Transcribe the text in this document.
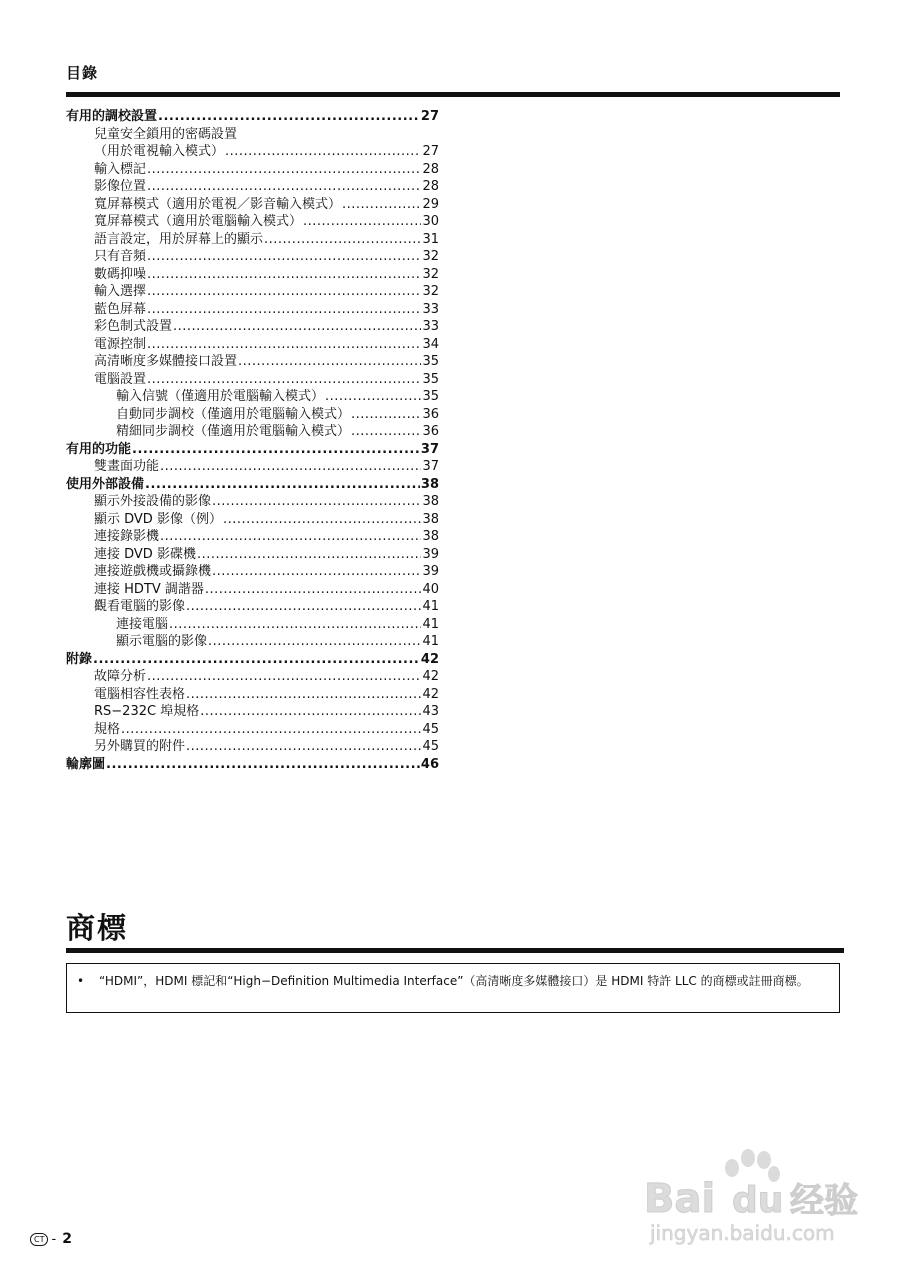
目錄
有用的調校設置 .....	27
兒童安全鎖用的密碼設置
（用於電視輸入模式） .....	27
輸入標記 .....	28
影像位置 .....	28
寬屏幕模式（適用於電視／影音輸入模式） .....	29
寬屏幕模式（適用於電腦輸入模式） .....	30
語言設定，用於屏幕上的顯示 .....	31
只有音頻 .....	32
數碼抑噪 .....	32
輸入選擇 .....	32
藍色屏幕 .....	33
彩色制式設置 .....	33
電源控制 .....	34
高清晰度多媒體接口設置 .....	35
電腦設置 .....	35
輸入信號（僅適用於電腦輸入模式） .....	35
自動同步調校（僅適用於電腦輸入模式） .....	36
精細同步調校（僅適用於電腦輸入模式） .....	36
有用的功能 .....	37
雙畫面功能 .....	37
使用外部設備 .....	38
顯示外接設備的影像 .....	38
顯示 DVD 影像（例） .....	38
連接錄影機 .....	38
連接 DVD 影碟機 .....	39
連接遊戲機或攝錄機 .....	39
連接 HDTV 調諧器 .....	40
觀看電腦的影像 .....	41
連接電腦 .....	41
顯示電腦的影像 .....	41
附錄 .....	42
故障分析 .....	42
電腦相容性表格 .....	42
RS−232C 埠規格 .....	43
規格 .....	45
另外購買的附件 .....	45
輪廓圖 .....	46
商標
• “HDMI”，HDMI 標記和“High−Definition Multimedia Interface”（高清晰度多媒體接口）是 HDMI 特許 LLC 的商標或註冊商標。
CT - 2
Bai du 经验
jingyan.baidu.com
